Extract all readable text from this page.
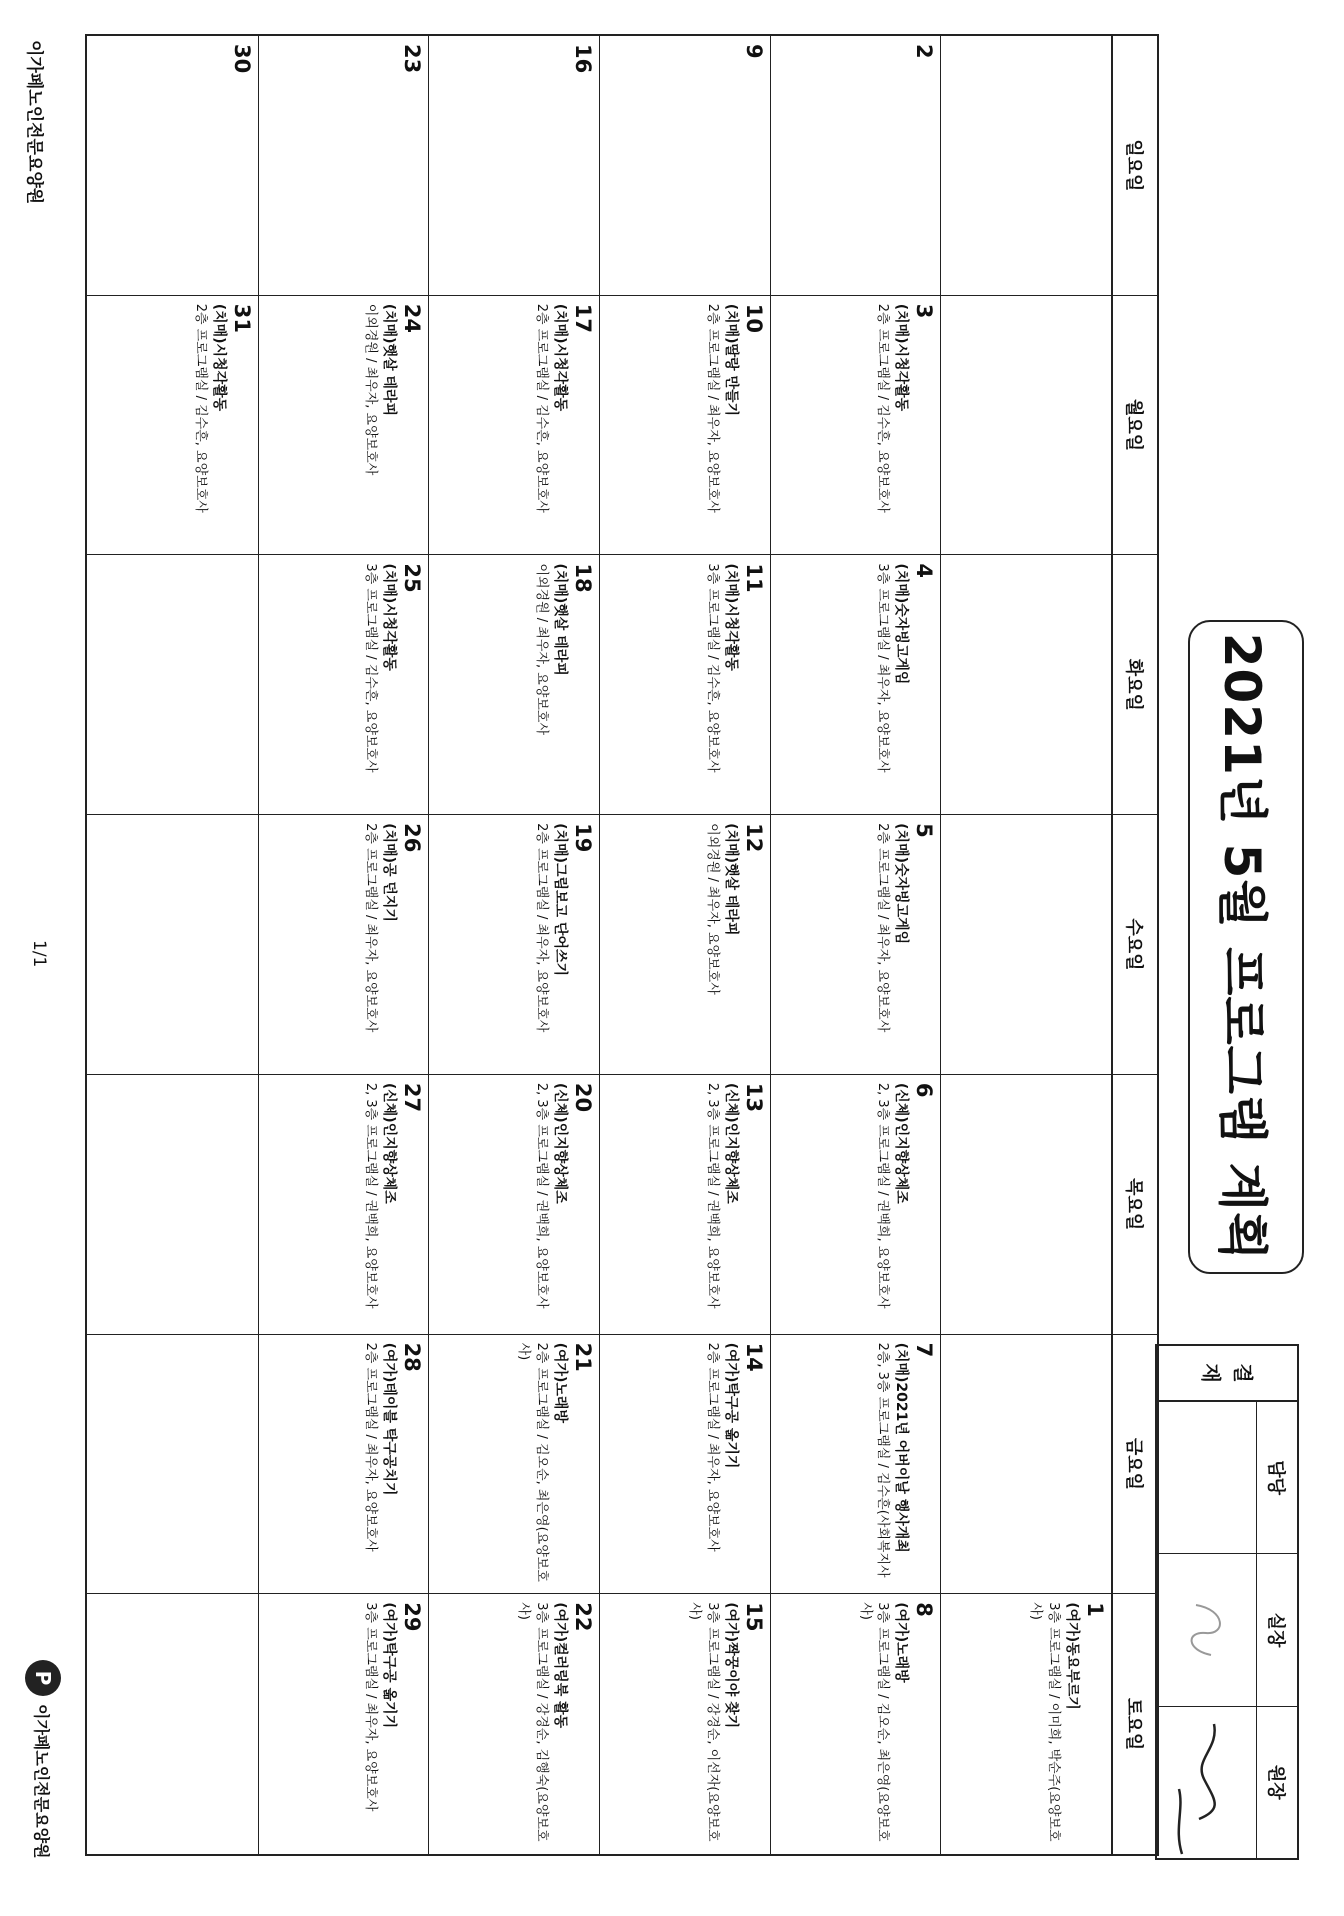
2021년 5월 프로그램 계획
결
재
담당
실장
원장
일요일
월요일
화요일
수요일
목요일
금요일
토요일
1
(여가)동요부르기
3층 프로그램실 / 이미희, 박순주(요양보호사)
2
3
(치매)시청각활동
2층 프로그램실 / 김수흔, 요양보호사
4
(치매)숫자빙고게임
3층 프로그램실 / 최우자, 요양보호사
5
(치매)숫자빙고게임
2층 프로그램실 / 최우자, 요양보호사
6
(신체)인지향상체조
2, 3층 프로그램실 / 권백희, 요양보호사
7
(치매)2021년 어버이날 행사개최
2층, 3층 프로그램실 / 김수흔(사회복지사
8
(여가)노래방
3층 프로그램실 / 김오순, 최은영(요양보호사)
9
10
(치매)딸랑 만들기
2층 프로그램실 / 최우자, 요양보호사
11
(치매)시청각활동
3층 프로그램실 / 김수흔, 요양보호사
12
(치매)햇살 테라피
이외경원 / 최우자, 요양보호사
13
(신체)인지향상체조
2, 3층 프로그램실 / 권백희, 요양보호사
14
(여가)탁구공 옮기기
2층 프로그램실 / 최우자, 요양보호사
15
(여가)짝꿍이야 찾기
3층 프로그램실 / 강경순, 이선자(요양보호사)
16
17
(치매)시청각활동
2층 프로그램실 / 김수흔, 요양보호사
18
(치매)햇살 테라피
이외경원 / 최우자, 요양보호사
19
(치매)그림보고 단어쓰기
2층 프로그램실 / 최우자, 요양보호사
20
(신체)인지향상체조
2, 3층 프로그램실 / 권백희, 요양보호사
21
(여가)노래방
2층 프로그램실 / 김오순, 최은영(요양보호사)
22
(여가)컬러링북 활동
3층 프로그램실 / 강경순, 김행숙(요양보호사)
23
24
(치매)햇살 테라피
이외경원 / 최우자, 요양보호사
25
(치매)시청각활동
3층 프로그램실 / 김수흔, 요양보호사
26
(치매)공 던지기
2층 프로그램실 / 최우자, 요양보호사
27
(신체)인지향상체조
2, 3층 프로그램실 / 권백희, 요양보호사
28
(여가)테이블 탁구공치기
2층 프로그램실 / 최우자, 요양보호사
29
(여가)탁구공 옮기기
3층 프로그램실 / 최우자, 요양보호사
30
31
(치매)시청각활동
2층 프로그램실 / 김수흔, 요양보호사
이가페노인전문요양원
1/1
P
이가페노인전문요양원
